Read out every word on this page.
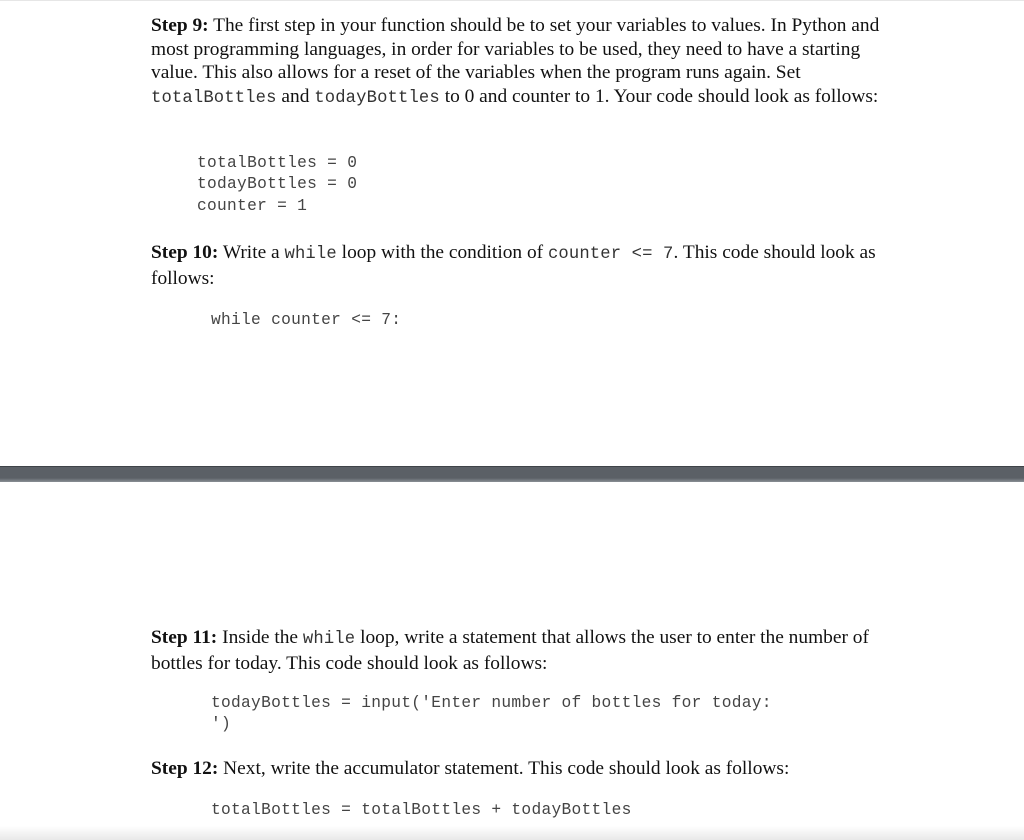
Step 9: The first step in your function should be to set your variables to values. In Python and most programming languages, in order for variables to be used, they need to have a starting value. This also allows for a reset of the variables when the program runs again. Set totalBottles and todayBottles to 0 and counter to 1. Your code should look as follows:

totalBottles = 0
todayBottles = 0
counter = 1

Step 10: Write a while loop with the condition of counter <= 7. This code should look as follows:

while counter <= 7:

Step 11: Inside the while loop, write a statement that allows the user to enter the number of bottles for today. This code should look as follows:

todayBottles = input('Enter number of bottles for today:
')

Step 12: Next, write the accumulator statement. This code should look as follows:

totalBottles = totalBottles + todayBottles
